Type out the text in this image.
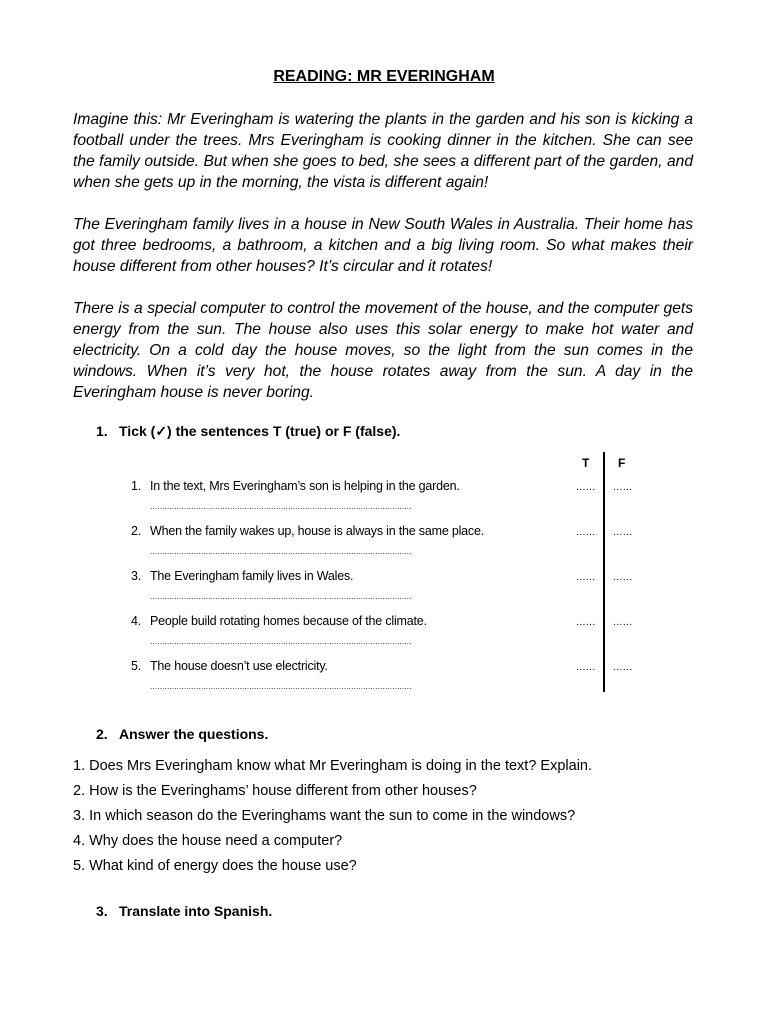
READING: MR EVERINGHAM

Imagine this: Mr Everingham is watering the plants in the garden and his son is kicking a football under the trees. Mrs Everingham is cooking dinner in the kitchen. She can see the family outside. But when she goes to bed, she sees a different part of the garden, and when she gets up in the morning, the vista is different again!

The Everingham family lives in a house in New South Wales in Australia. Their home has got three bedrooms, a bathroom, a kitchen and a big living room. So what makes their house different from other houses? It’s circular and it rotates!

There is a special computer to control the movement of the house, and the computer gets energy from the sun. The house also uses this solar energy to make hot water and electricity. On a cold day the house moves, so the light from the sun comes in the windows. When it’s very hot, the house rotates away from the sun. A day in the Everingham house is never boring.

1. Tick (✓) the sentences T (true) or F (false).
T F
1. In the text, Mrs Everingham’s son is helping in the garden.	...... ......
............................................................................................................
2. When the family wakes up, house is always in the same place.	...... ......
............................................................................................................
3. The Everingham family lives in Wales.	...... ......
............................................................................................................
4. People build rotating homes because of the climate.	...... ......
............................................................................................................
5. The house doesn’t use electricity.	...... ......
............................................................................................................
2. Answer the questions.
1. Does Mrs Everingham know what Mr Everingham is doing in the text? Explain.
2. How is the Everinghams’ house different from other houses?
3. In which season do the Everinghams want the sun to come in the windows?
4. Why does the house need a computer?
5. What kind of energy does the house use?
3. Translate into Spanish.
